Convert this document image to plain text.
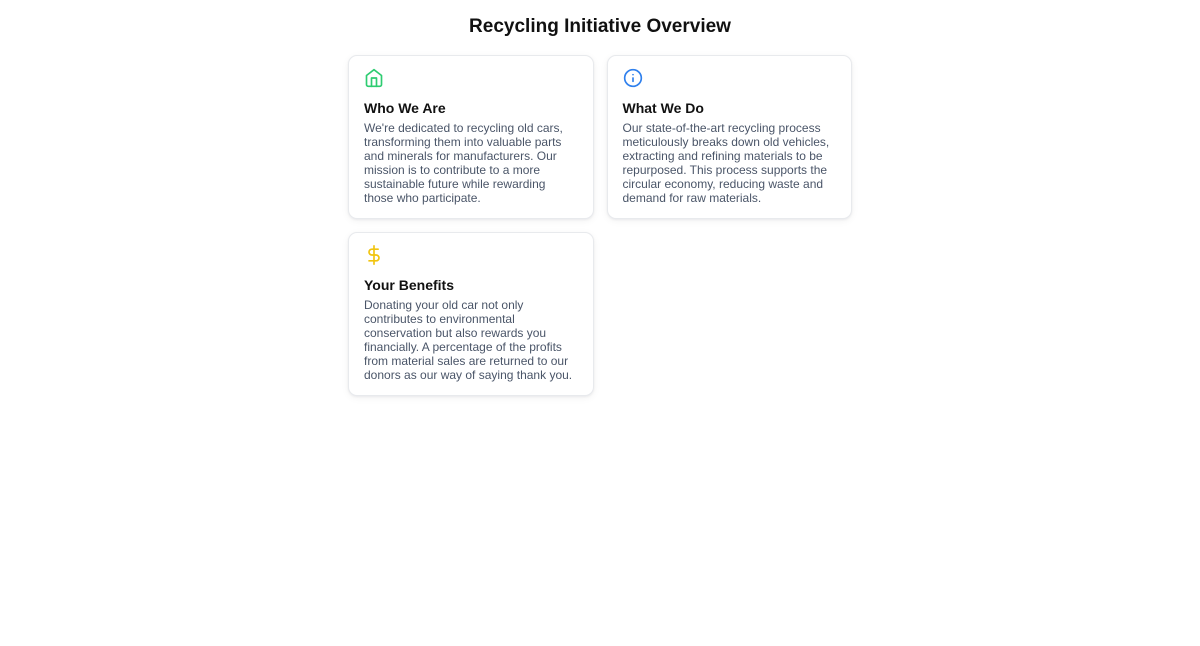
Recycling Initiative Overview
Who We Are

We're dedicated to recycling old cars, transforming them into valuable parts and minerals for manufacturers. Our mission is to contribute to a more sustainable future while rewarding those who participate.

What We Do

Our state-of-the-art recycling process meticulously breaks down old vehicles, extracting and refining materials to be repurposed. This process supports the circular economy, reducing waste and demand for raw materials.

Your Benefits

Donating your old car not only contributes to environmental conservation but also rewards you financially. A percentage of the profits from material sales are returned to our donors as our way of saying thank you.
